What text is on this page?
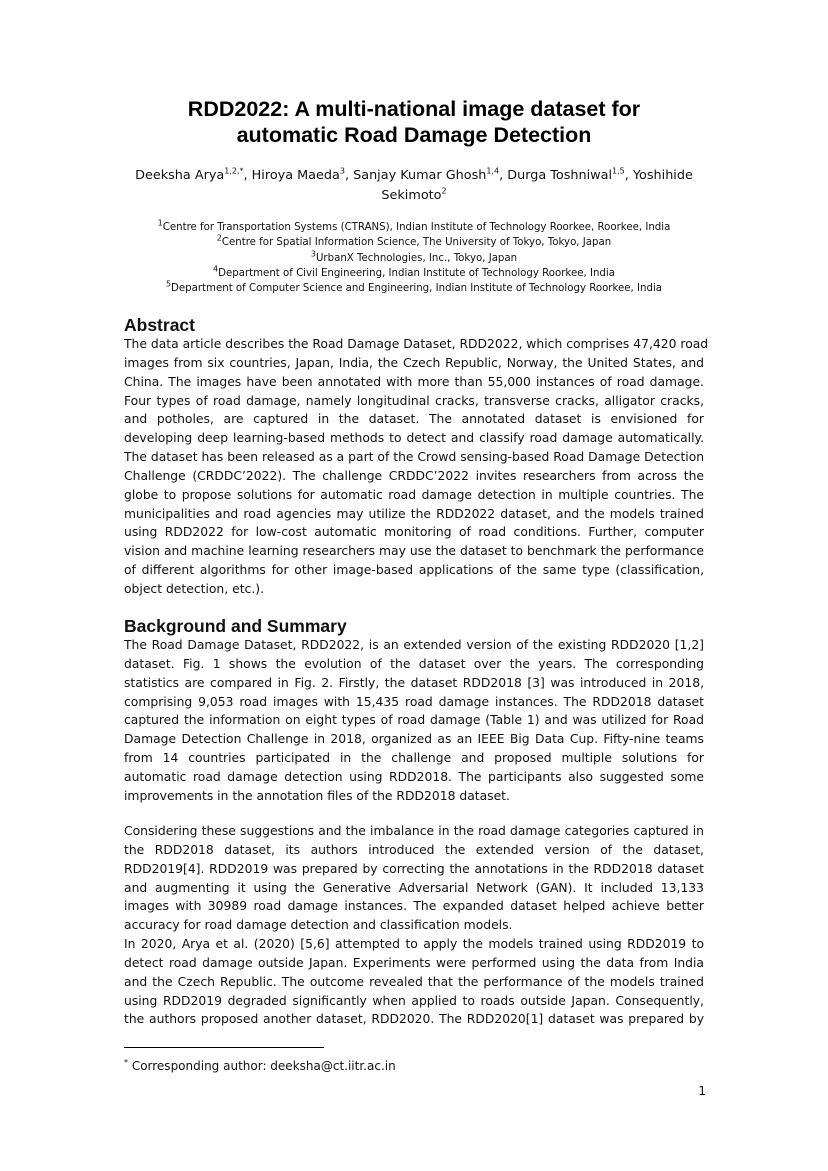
RDD2022: A multi-national image dataset for
automatic Road Damage Detection
Deeksha Arya$^{1,2,*}$, Hiroya Maeda$^3$, Sanjay Kumar Ghosh$^{1,4}$, Durga Toshniwal$^{1,5}$, Yoshihide Sekimoto$^2$
$^1$Centre for Transportation Systems (CTRANS), Indian Institute of Technology Roorkee, Roorkee, India
$^2$Centre for Spatial Information Science, The University of Tokyo, Tokyo, Japan
$^3$UrbanX Technologies, Inc., Tokyo, Japan
$^4$Department of Civil Engineering, Indian Institute of Technology Roorkee, India
$^5$Department of Computer Science and Engineering, Indian Institute of Technology Roorkee, India
Abstract
The data article describes the Road Damage Dataset, RDD2022, which comprises 47,420 road
images from six countries, Japan, India, the Czech Republic, Norway, the United States, and
China. The images have been annotated with more than 55,000 instances of road damage.
Four types of road damage, namely longitudinal cracks, transverse cracks, alligator cracks,
and potholes, are captured in the dataset. The annotated dataset is envisioned for
developing deep learning-based methods to detect and classify road damage automatically.
The dataset has been released as a part of the Crowd sensing-based Road Damage Detection
Challenge (CRDDC’2022). The challenge CRDDC’2022 invites researchers from across the
globe to propose solutions for automatic road damage detection in multiple countries. The
municipalities and road agencies may utilize the RDD2022 dataset, and the models trained
using RDD2022 for low-cost automatic monitoring of road conditions. Further, computer
vision and machine learning researchers may use the dataset to benchmark the performance
of different algorithms for other image-based applications of the same type (classification,
object detection, etc.).
Background and Summary
The Road Damage Dataset, RDD2022, is an extended version of the existing RDD2020 [1,2]
dataset. Fig. 1 shows the evolution of the dataset over the years. The corresponding
statistics are compared in Fig. 2. Firstly, the dataset RDD2018 [3] was introduced in 2018,
comprising 9,053 road images with 15,435 road damage instances. The RDD2018 dataset
captured the information on eight types of road damage (Table 1) and was utilized for Road
Damage Detection Challenge in 2018, organized as an IEEE Big Data Cup. Fifty-nine teams
from 14 countries participated in the challenge and proposed multiple solutions for
automatic road damage detection using RDD2018. The participants also suggested some
improvements in the annotation files of the RDD2018 dataset.
Considering these suggestions and the imbalance in the road damage categories captured in
the RDD2018 dataset, its authors introduced the extended version of the dataset,
RDD2019[4]. RDD2019 was prepared by correcting the annotations in the RDD2018 dataset
and augmenting it using the Generative Adversarial Network (GAN). It included 13,133
images with 30989 road damage instances. The expanded dataset helped achieve better
accuracy for road damage detection and classification models.
In 2020, Arya et al. (2020) [5,6] attempted to apply the models trained using RDD2019 to
detect road damage outside Japan. Experiments were performed using the data from India
and the Czech Republic. The outcome revealed that the performance of the models trained
using RDD2019 degraded significantly when applied to roads outside Japan. Consequently,
the authors proposed another dataset, RDD2020. The RDD2020[1] dataset was prepared by
* Corresponding author: deeksha@ct.iitr.ac.in
1
